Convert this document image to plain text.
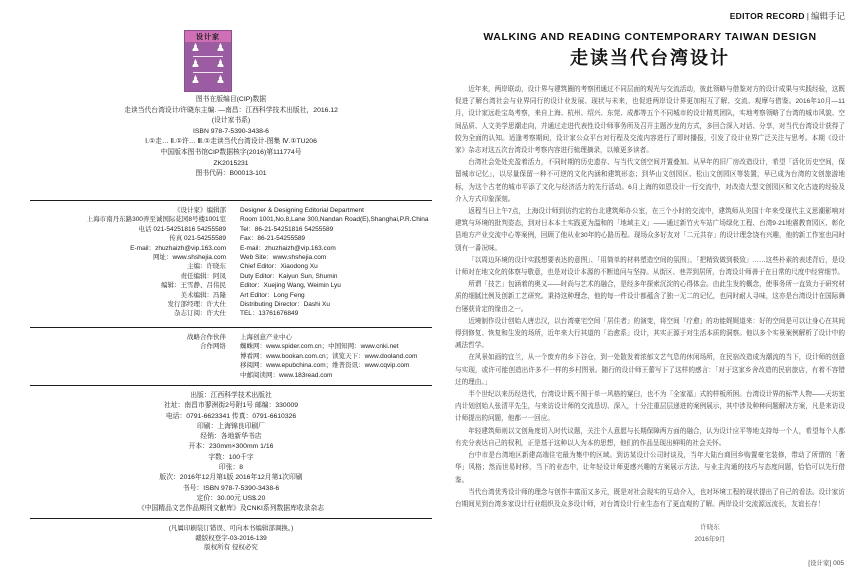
设计家
♟ ♟
♟ ♟
♟ ♟
图书在版编目(CIP)数据
走读当代台湾设计/许晓东主编. —南昌：江西科学技术出版社，2016.12
(设计家书系)
ISBN 978-7-5390-3438-6
Ⅰ.①走… Ⅱ.①许… Ⅲ.①走读当代台湾设计-图集 Ⅳ.①TU206
中国版本图书馆CIP数据核字(2016)第111774号
ZK2015231
图书代码：B00013-101
《设计家》编辑部 Designer & Designing Editorial Department
上海市南丹东路300弄至诚国际花园8号楼1001室 Room 1001,No.8,Lane 300,Nandan Road(E),Shanghai,P.R.China
电话 021-54251816 54255589 Tel：86-21-54251816 54255589
传真 021-54255589 Fax：86-21-54255589
E-mail：zhuzhaizh@vip.163.com E-mail：zhuzhaizh@vip.163.com
网址：www.shshejia.com Web Site：www.shshejia.com
主编：许晓东 Chief Editor：Xiaodong Xu
责任编辑：阿凤 Duty Editor：Kaiyun Sun, Shumin
编辑：王雪静、吕伟民 Editor：Xuejing Wang, Weimin Lyu
美术编辑：冯隆 Art Editor：Long Feng
发行部经理：许大仕 Distributing Director：Dashi Xu
杂志订阅：许大仕 TEL：13761676849
战略合作伙伴 上海创意产业中心
合作网络 蜘蛛网：www.spider.com.cn；中国知网：www.cnki.net
博看网：www.bookan.com.cn；读览天下：www.dooland.com
移阅网：www.epubchina.com；维普资讯：www.cqvip.com
中邮阅读网：www.183read.com
出版：江西科学技术出版社
社址：南昌市蓼洲街2号附1号 邮编：330009
电话：0791-6623341 传真：0791-6610326
印刷：上海锦良印刷厂
经销：各地新华书店
开本：230mm×300mm 1/16
字数：100千字
印张：8
版次：2016年12月第1版 2016年12月第1次印刷
书号：ISBN 978-7-5390-3438-6
定价：30.00元 US$.20
《中国精品文艺作品期刊文献库》及CNKI系列数据库收录杂志
(凡属印刷装订错误、可向本书编辑部调换。)
赣版权登字-03-2016-139
版权所有 侵权必究
EDITOR RECORD | 编辑手记
WALKING AND READING CONTEMPORARY TAIWAN DESIGN
走读当代台湾设计

近年来，两岸联动，设计界与建筑圈的考察团通过不同层面的观光与交流活动，彼此领略与借鉴对方的设计成果与实践经验，这既促进了解台湾社会与业界同行的设计业发展、现状与未来，也促进两岸设计界更加相互了解、交流、观摩与借鉴。2016年10月—11月，设计家远赴宝岛考察，来自上海、杭州、绍兴、东莞、成都等五个不同城市的设计精英团队，实地考察领略了台湾的城市风貌、空间品质、人文美学思潮走向，并通过走进代表性设计师事务所及召开主题沙龙的方式，多回合深入对话、分享，对当代台湾设计获得了较为全面的认知。适逢考察期间，设计家公众平台对行程及交流内容进行了即时播报，引发了设计业界广泛关注与思考。本期《设计家》杂志对这五次台湾设计考察内容进行梳理摘录，以飨更多读者。

台湾社会处处充盈着活力，不同时期的历史遗存、与当代文创空间并置叠加。从早年的旧厂房改造设计，希望「活化历史空间，保留城市记忆」，以尽量保留一种不可逆的文化内涵和建筑形态；到华山文创园区、松山文创园区等装置，早已成为台湾的文创旅游地标，为这个古老的城市平添了文化与经济活力的先行活动。6月上海的如恩设计一行交流中，对改造大型文创园区和文化古迹的经验及介入方式印象深刻。

返程当日上午7点，上海设计师到访约定的台北建筑师办公室，在三个小时的交流中，建筑师从美国十年来受现代主义思潮影响对建筑与环境的批判姿态，到对日本本土实践更为温和的「地域主义」——通过新竹火车站广场绿化工程、台湾9·21地震教育园区、彰化县地方产业交流中心等案例，回顾了他从业30年的心路历程。现场众多好友对「二元共存」的设计理念饶有兴趣，他的新工作室也同时别有一番况味。

「以周边环境的设计实践想要表达的意图」、「用简单的材料塑造空间的氛围」、「把精致做到极致」……这些朴素的表述背后，是设计师对在地文化的体察与敬意，也是对设计本源的不断追问与坚持。从街区、巷弄到居所，台湾设计师善于在日常的尺度中经营细节。

所谓「技艺」包涵着的奥义——时尚与艺术的融合，是经多年探索沉淀的心得体会。由此生发的概念，使事务所一直致力于研究材质的细腻比例及创新工艺研究。秉持这种理念，他的每一件设计都蕴含了独一无二的记忆，也同时耐人寻味，这亦是台湾设计在国际舞台屡获肯定的缘由之一。

近境制作设计创始人唐忠汉，以台湾豪宅空间「居住者」的演变，将空间「疗愈」的功能娓娓道来：好的空间是可以让身心在其间得到修复、恢复和生发的场所，近年来大行其道的「治愈系」设计，其实正源于对生活本质的洞察。他以多个实景案例解析了设计中的减法哲学。

在风景如画的宜兰，从一个废弃的乡下谷仓，到一处散发着浓郁文艺气息的休闲场所，在民宿改造成为潮流的当下，设计师的创意与实现，或许可能创造出许多不一样的乡村图景。随行的设计师王蕾写下了这样的感言：「对于这家乡舍改造的民宿旅店，有着不容错过的理由。」

半个世纪以来历经迭代，台湾设计既不囿于单一风格的窠臼，也不为「全家福」式的样板所困。台湾设计界的标竿人物——天坊室内计划创始人张清平先生，与来访设计师的交流恳切、深入，十分注重层层递进的案例展示，其中涉及种种问题解决方案，凡是来访设计师提出的问题，他都一一回应。

年轻建筑师则以文创角度切入时代议题，关注个人意愿与长期保障两方面的融合，认为设计应平等地支持每一个人，希望每个人都有充分表达自己的权利，正是基于这种以人为本的思想，他们的作品呈现出鲜明的社会关怀。

台中市是台湾地区新建高端住宅最为集中的区域。到访某设计公司时谈及，当年大陆台商回乡购置豪宅装修，带动了所谓的「奢华」风格；然而世易时移，当下的业态中，让年轻设计师更感兴趣的方案展示方法、与业主沟通的技巧与态度问题，恰恰可以先行借鉴。

当代台湾优秀设计师的理念与创作丰富而又多元，既是对社会现实的互动介入，也对环境工程的现状提出了自己的看法。设计家访台期间见到台湾多家设计行业组织及众多设计师，对台湾设计行业生态有了更直观的了解。两岸设计交流源远流长，友谊长存！

许晓东
2016年9月
[设计家] 005
